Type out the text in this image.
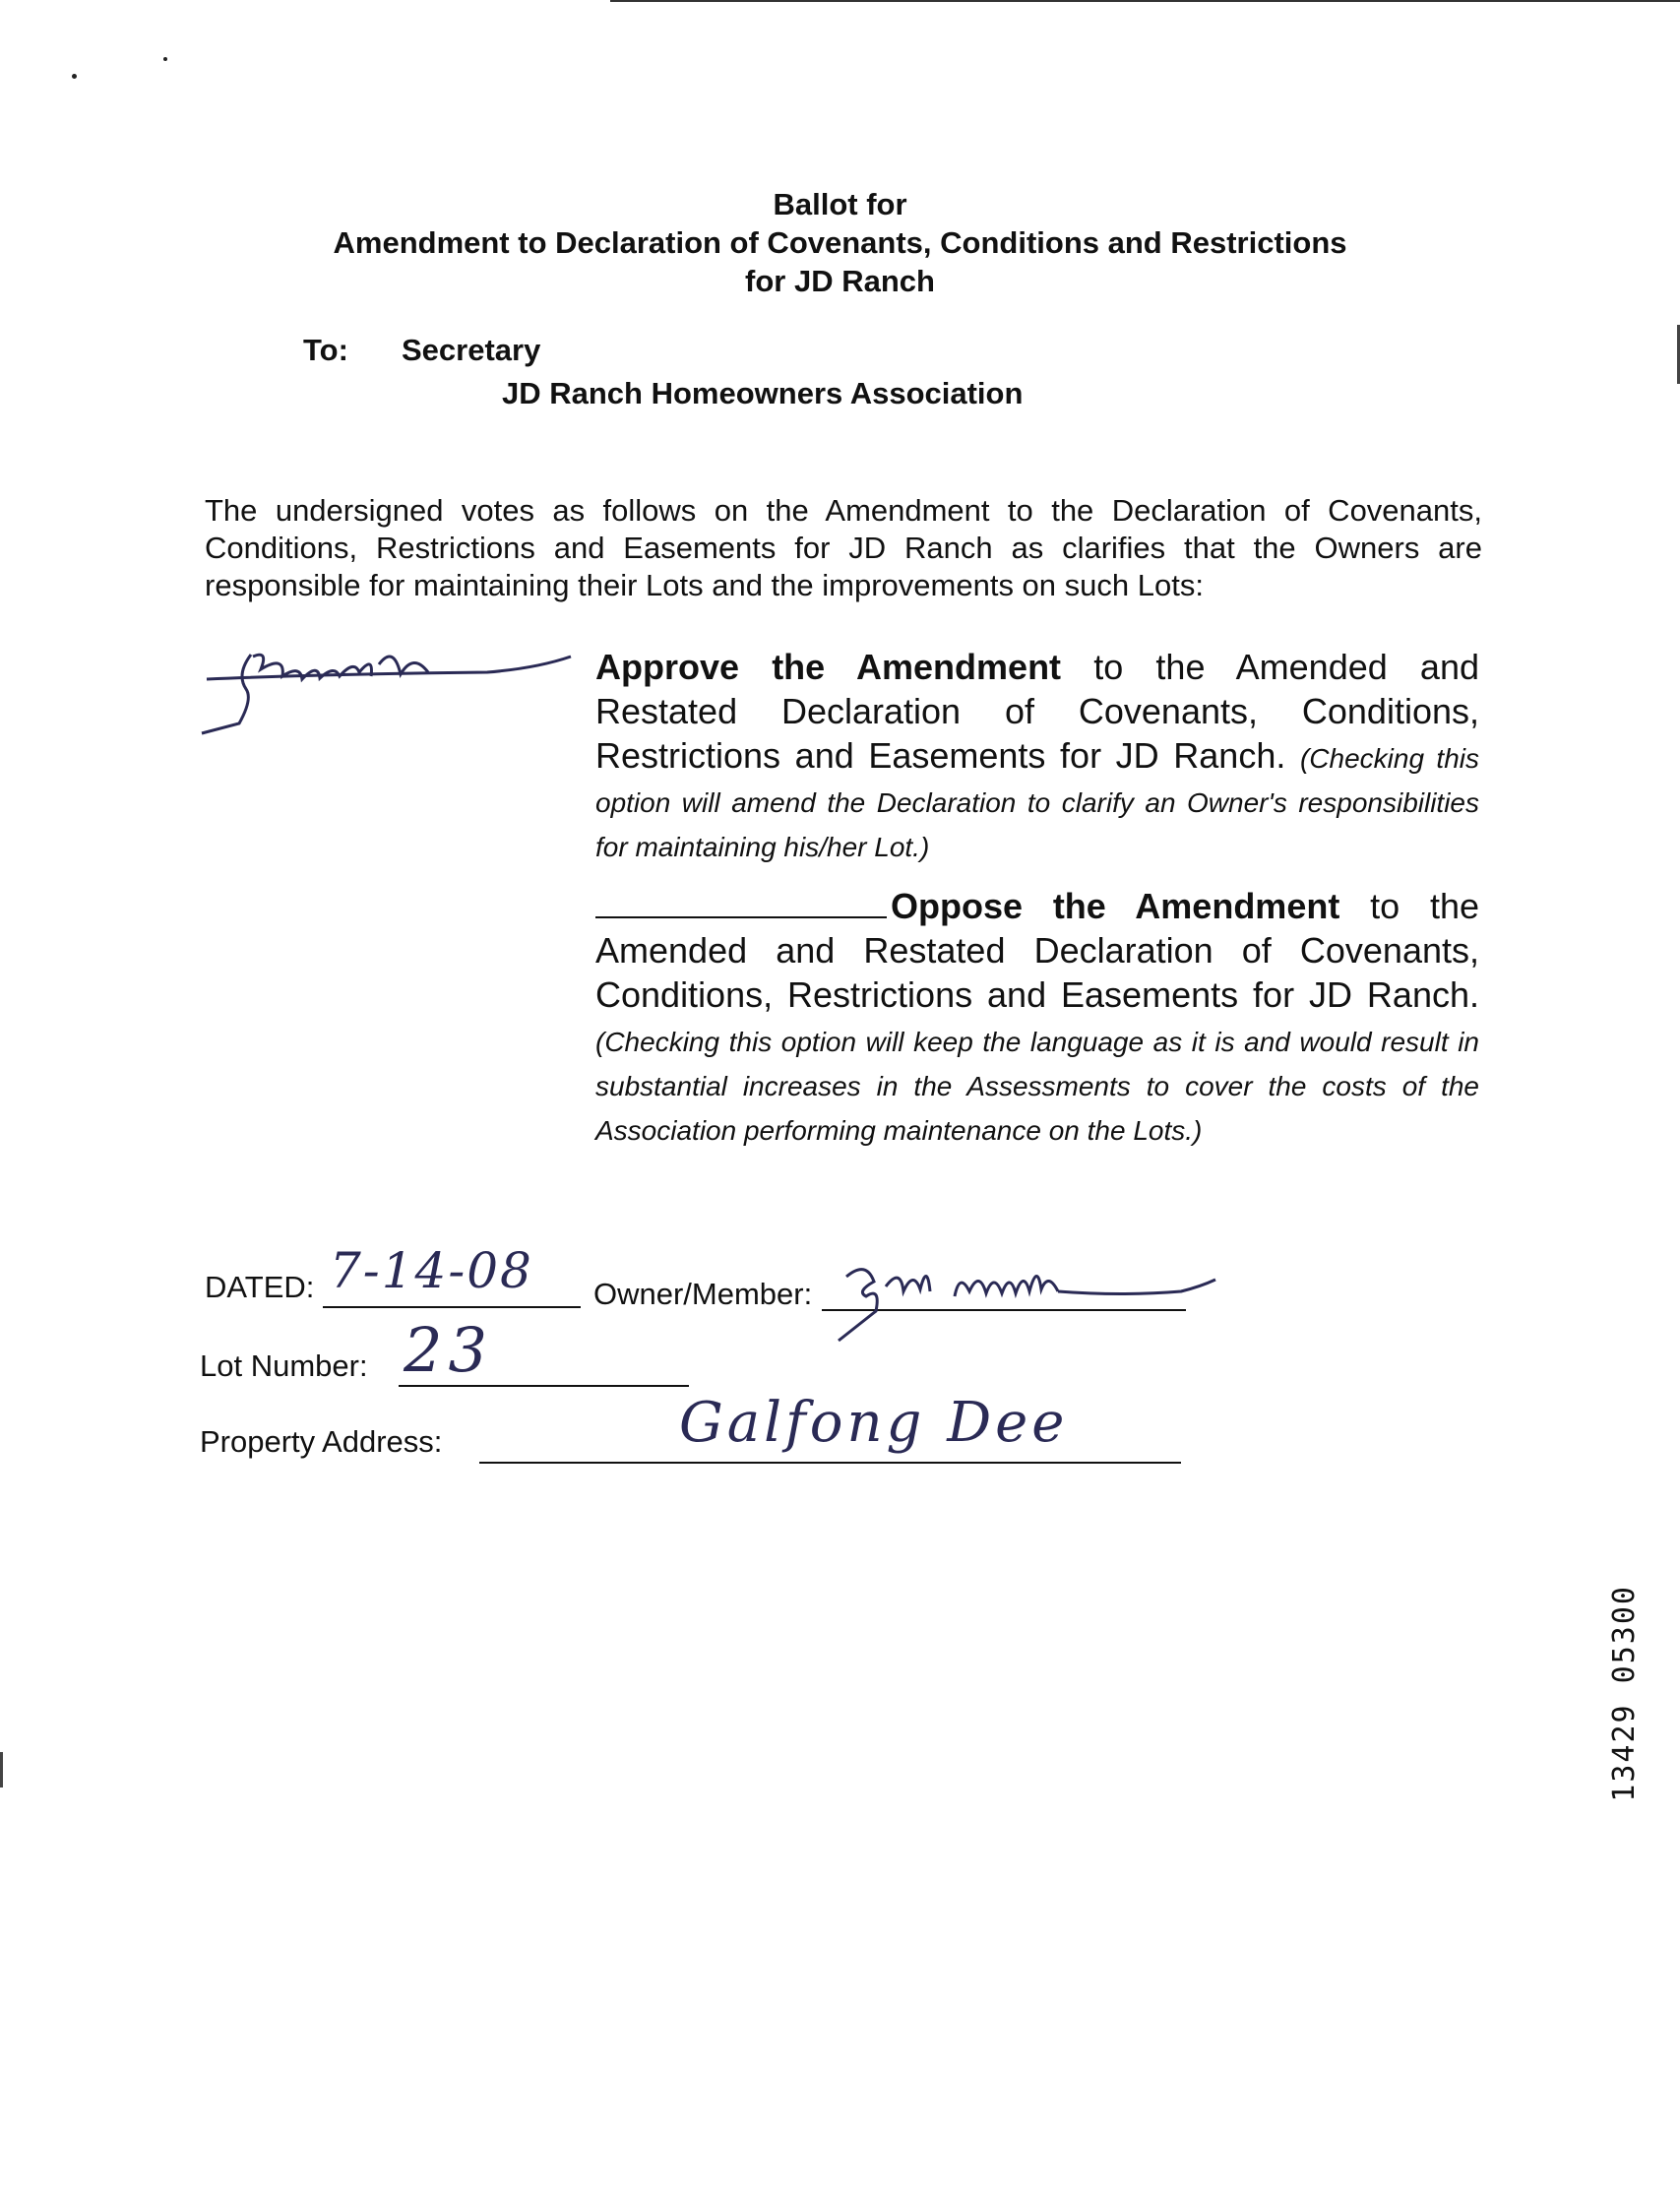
Ballot for
Amendment to Declaration of Covenants, Conditions and Restrictions
for JD Ranch
To: Secretary
JD Ranch Homeowners Association
The undersigned votes as follows on the Amendment to the Declaration of Covenants, Conditions, Restrictions and Easements for JD Ranch as clarifies that the Owners are responsible for maintaining their Lots and the improvements on such Lots:
Approve the Amendment to the Amended and Restated Declaration of Covenants, Conditions, Restrictions and Easements for JD Ranch. (Checking this option will amend the Declaration to clarify an Owner's responsibilities for maintaining his/her Lot.)
Oppose the Amendment to the Amended and Restated Declaration of Covenants, Conditions, Restrictions and Easements for JD Ranch. (Checking this option will keep the language as it is and would result in substantial increases in the Assessments to cover the costs of the Association performing maintenance on the Lots.)
DATED: 7-14-08 Owner/Member:
Lot Number: 23
Property Address:	Galfong Dee
13429 05300
